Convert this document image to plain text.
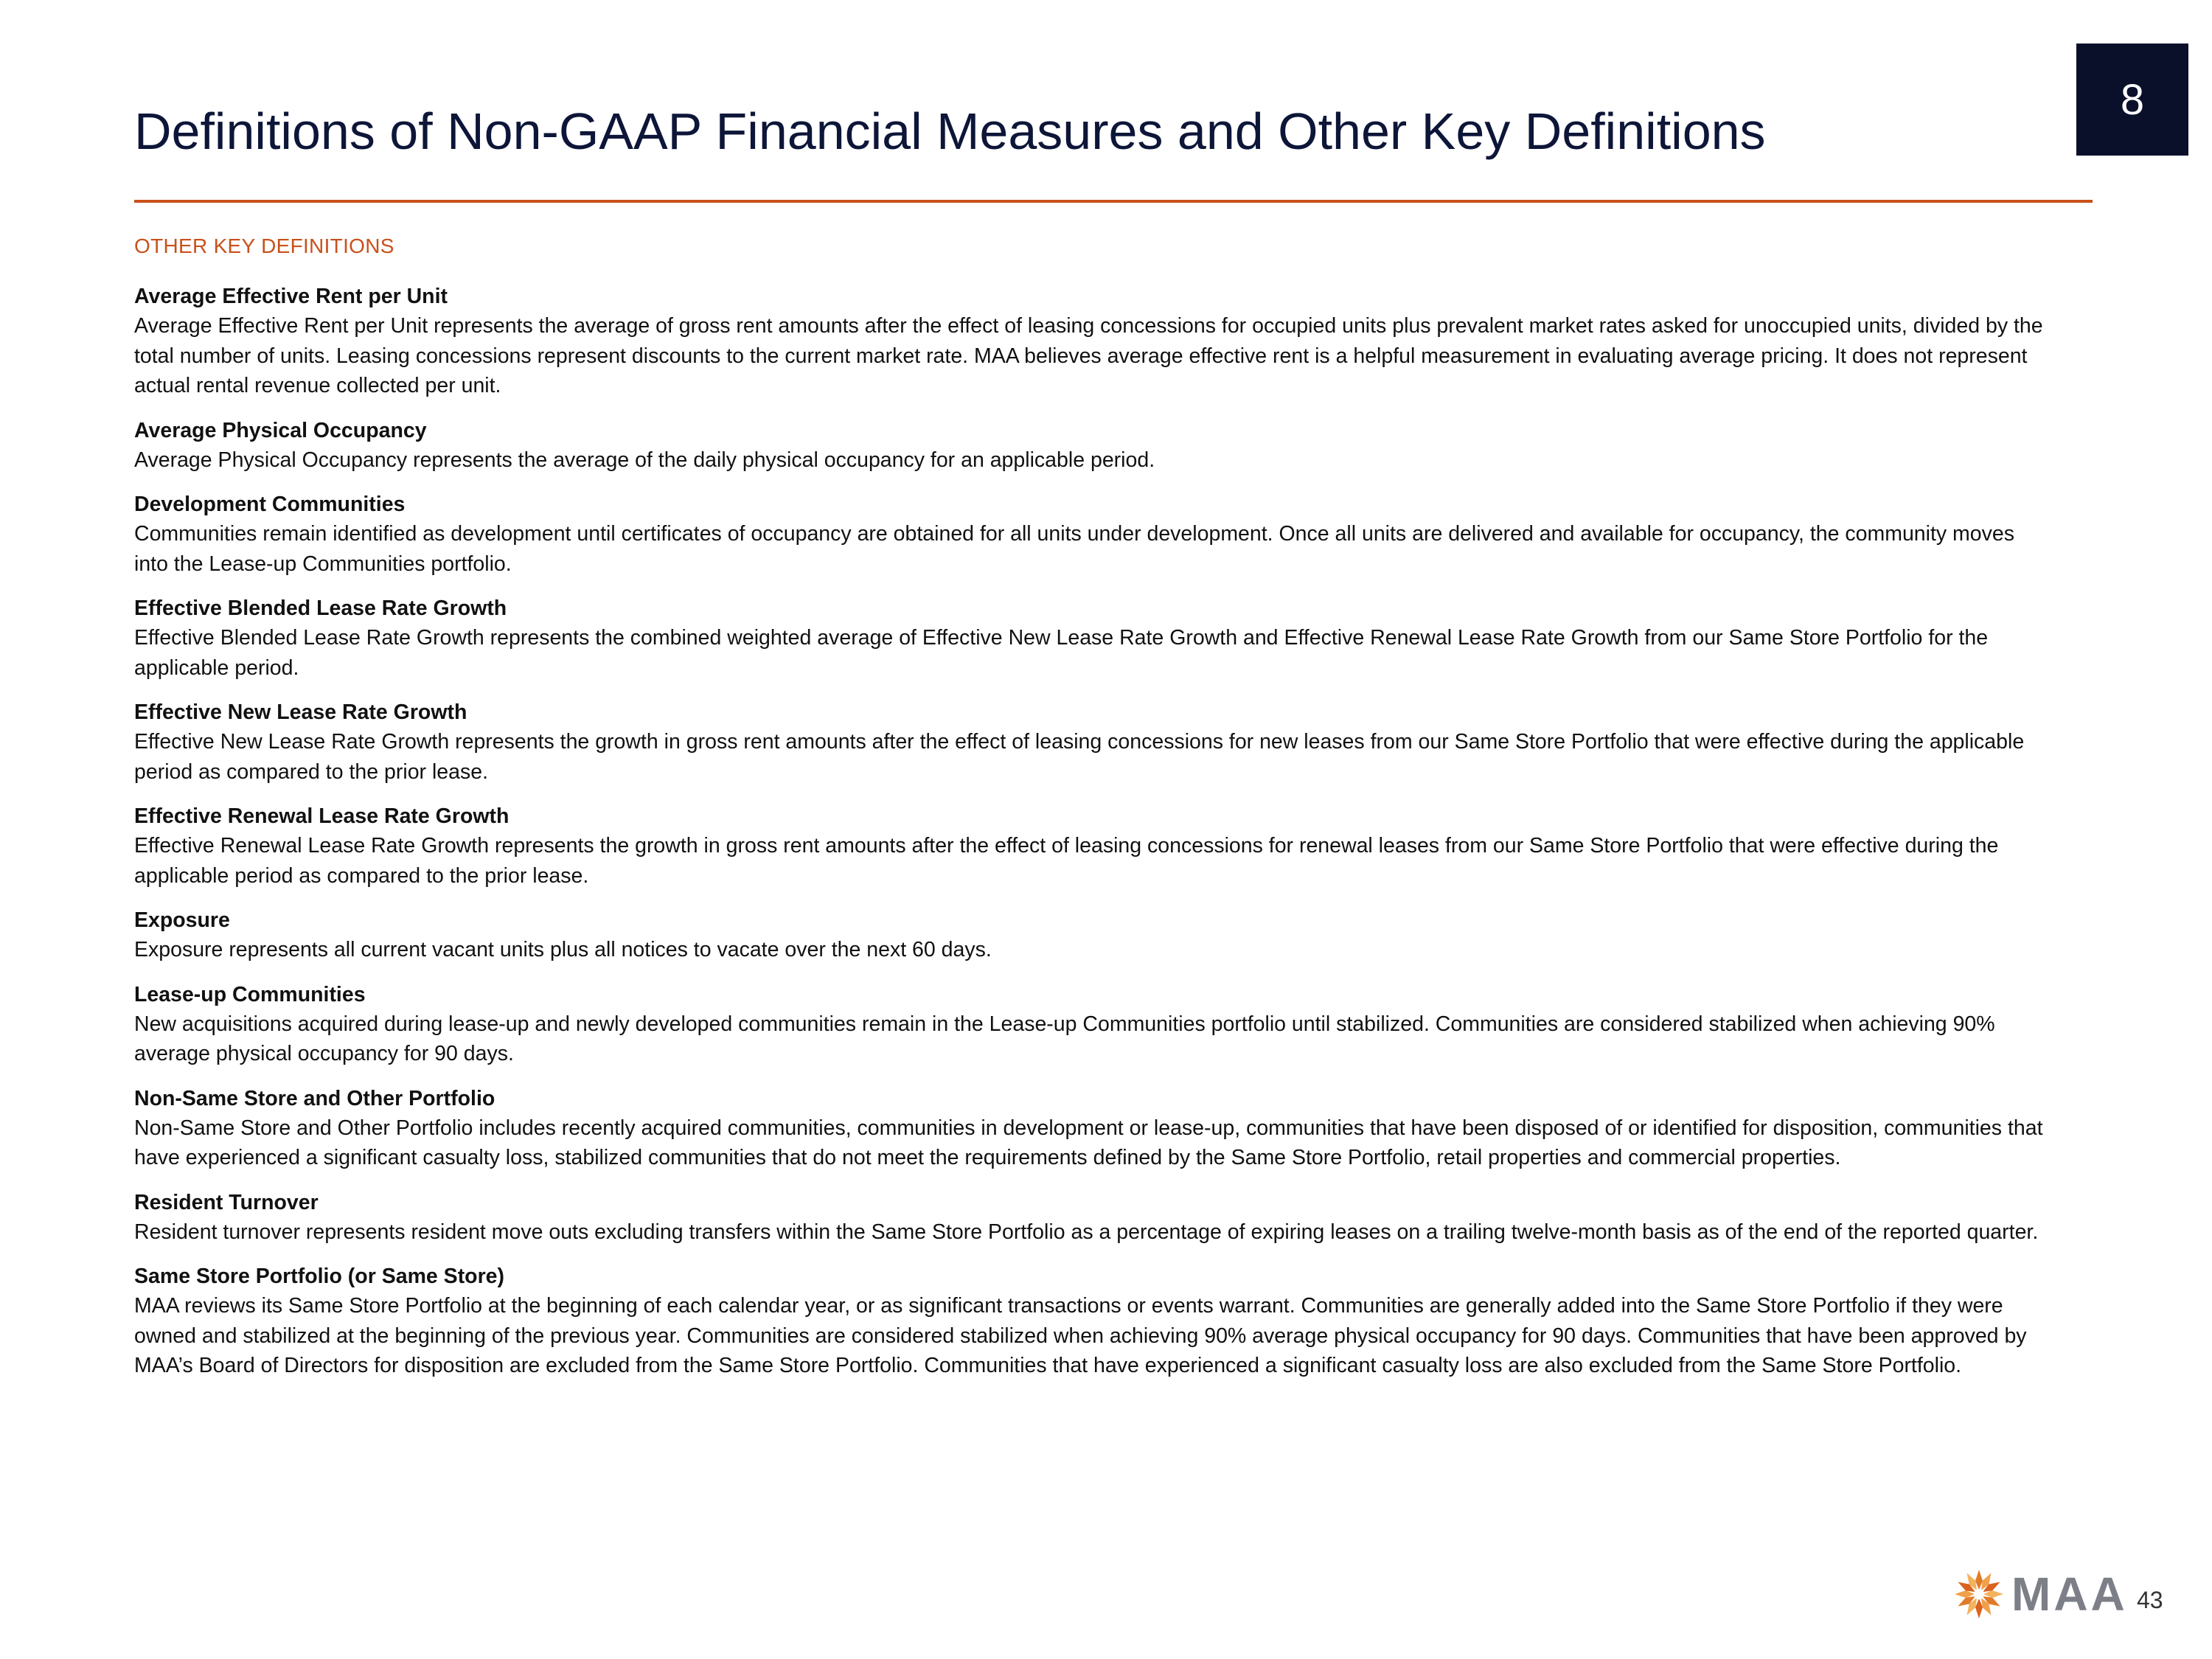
8
Definitions of Non-GAAP Financial Measures and Other Key Definitions
OTHER KEY DEFINITIONS
Average Effective Rent per Unit
Average Effective Rent per Unit represents the average of gross rent amounts after the effect of leasing concessions for occupied units plus prevalent market rates asked for unoccupied units, divided by the total number of units. Leasing concessions represent discounts to the current market rate. MAA believes average effective rent is a helpful measurement in evaluating average pricing. It does not represent actual rental revenue collected per unit.
Average Physical Occupancy
Average Physical Occupancy represents the average of the daily physical occupancy for an applicable period.
Development Communities
Communities remain identified as development until certificates of occupancy are obtained for all units under development. Once all units are delivered and available for occupancy, the community moves into the Lease-up Communities portfolio.
Effective Blended Lease Rate Growth
Effective Blended Lease Rate Growth represents the combined weighted average of Effective New Lease Rate Growth and Effective Renewal Lease Rate Growth from our Same Store Portfolio for the applicable period.
Effective New Lease Rate Growth
Effective New Lease Rate Growth represents the growth in gross rent amounts after the effect of leasing concessions for new leases from our Same Store Portfolio that were effective during the applicable period as compared to the prior lease.
Effective Renewal Lease Rate Growth
Effective Renewal Lease Rate Growth represents the growth in gross rent amounts after the effect of leasing concessions for renewal leases from our Same Store Portfolio that were effective during the applicable period as compared to the prior lease.
Exposure
Exposure represents all current vacant units plus all notices to vacate over the next 60 days.
Lease-up Communities
New acquisitions acquired during lease-up and newly developed communities remain in the Lease-up Communities portfolio until stabilized. Communities are considered stabilized when achieving 90% average physical occupancy for 90 days.
Non-Same Store and Other Portfolio
Non-Same Store and Other Portfolio includes recently acquired communities, communities in development or lease-up, communities that have been disposed of or identified for disposition, communities that have experienced a significant casualty loss, stabilized communities that do not meet the requirements defined by the Same Store Portfolio, retail properties and commercial properties.
Resident Turnover
Resident turnover represents resident move outs excluding transfers within the Same Store Portfolio as a percentage of expiring leases on a trailing twelve-month basis as of the end of the reported quarter.
Same Store Portfolio (or Same Store)
MAA reviews its Same Store Portfolio at the beginning of each calendar year, or as significant transactions or events warrant. Communities are generally added into the Same Store Portfolio if they were owned and stabilized at the beginning of the previous year. Communities are considered stabilized when achieving 90% average physical occupancy for 90 days. Communities that have been approved by MAA’s Board of Directors for disposition are excluded from the Same Store Portfolio. Communities that have experienced a significant casualty loss are also excluded from the Same Store Portfolio.
MAA 43
